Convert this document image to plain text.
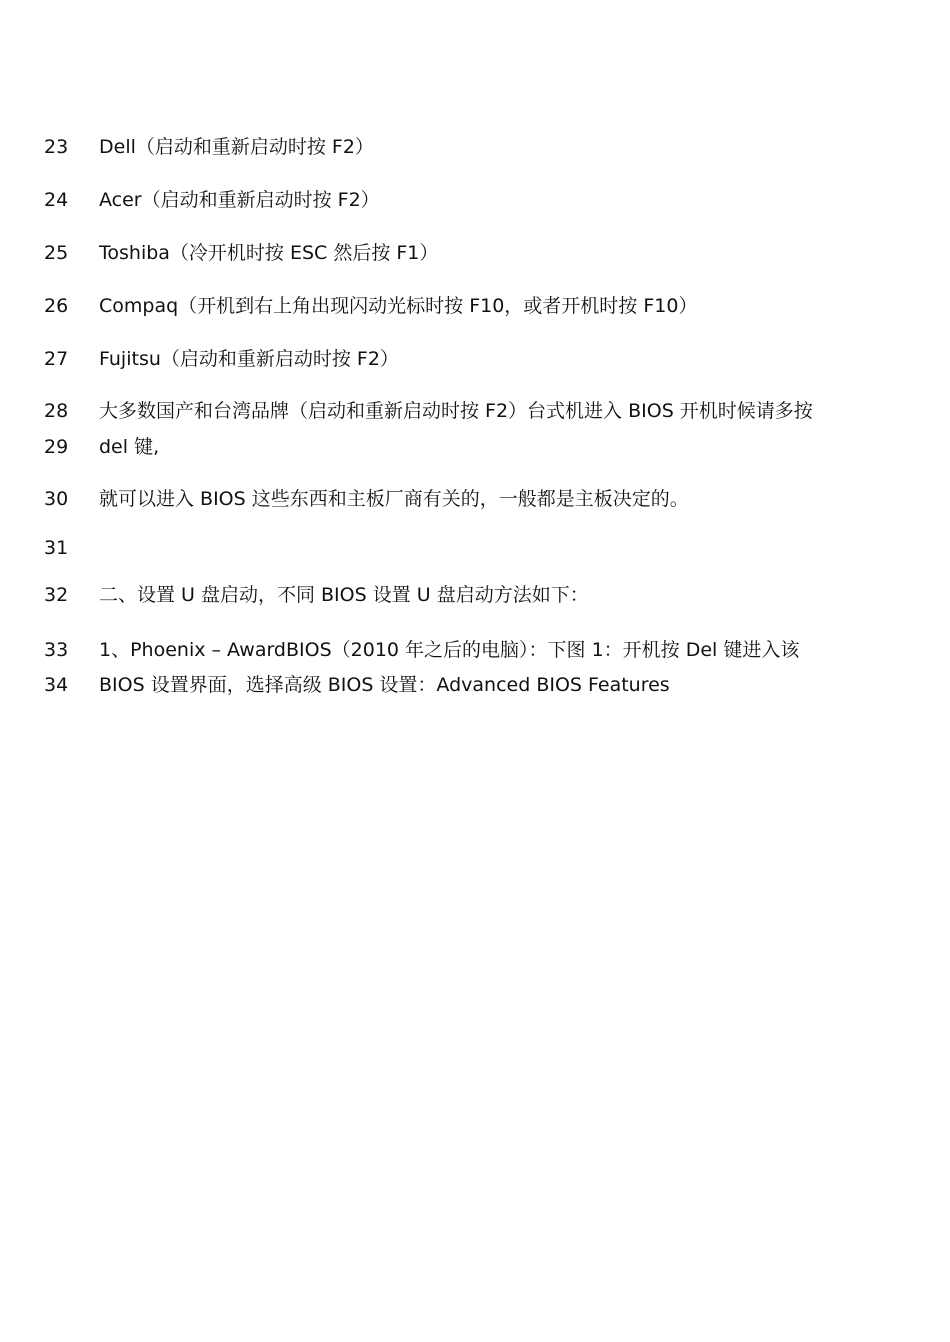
23	Dell（启动和重新启动时按 F2）
24	Acer（启动和重新启动时按 F2）
25	Toshiba（冷开机时按 ESC 然后按 F1）
26	Compaq（开机到右上角出现闪动光标时按 F10，或者开机时按 F10）
27	Fujitsu（启动和重新启动时按 F2）
28	大多数国产和台湾品牌（启动和重新启动时按 F2）台式机进入 BIOS 开机时候请多按
29	del 键,
30	就可以进入 BIOS 这些东西和主板厂商有关的，一般都是主板决定的。
31
32	二、设置 U 盘启动，不同 BIOS 设置 U 盘启动方法如下：
33	1、Phoenix – AwardBIOS（2010 年之后的电脑）：下图 1：开机按 Del 键进入该
34	BIOS 设置界面，选择高级 BIOS 设置：Advanced BIOS Features
